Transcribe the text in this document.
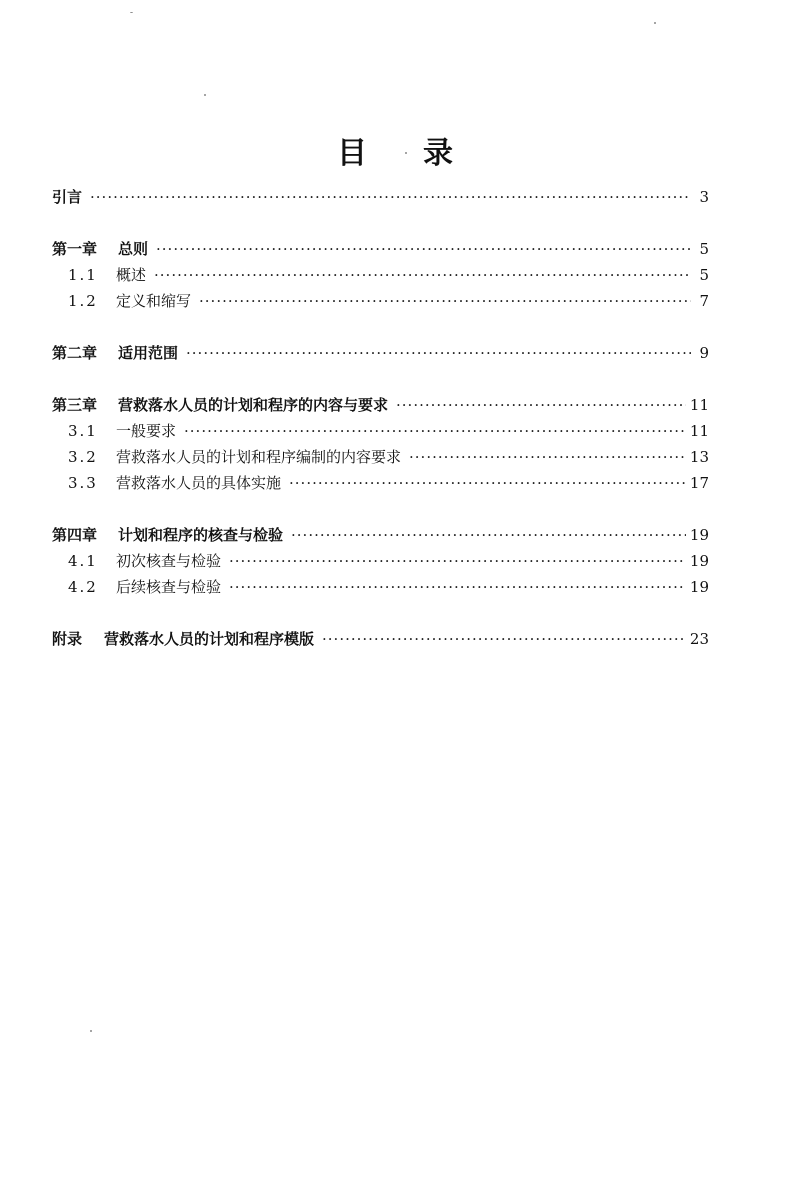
目 录
引言 ·····	3
第一章	总则 ·····	5
1.1	概述 ·····	5
1.2	定义和缩写 ·····	7
第二章	适用范围 ·····	9
第三章	营救落水人员的计划和程序的内容与要求 ·····	11
3.1	一般要求 ·····	11
3.2	营救落水人员的计划和程序编制的内容要求 ·····	13
3.3	营救落水人员的具体实施 ·····	17
第四章	计划和程序的核查与检验 ·····	19
4.1	初次核查与检验 ·····	19
4.2	后续核查与检验 ·····	19
附录	营救落水人员的计划和程序模版 ·····	23
